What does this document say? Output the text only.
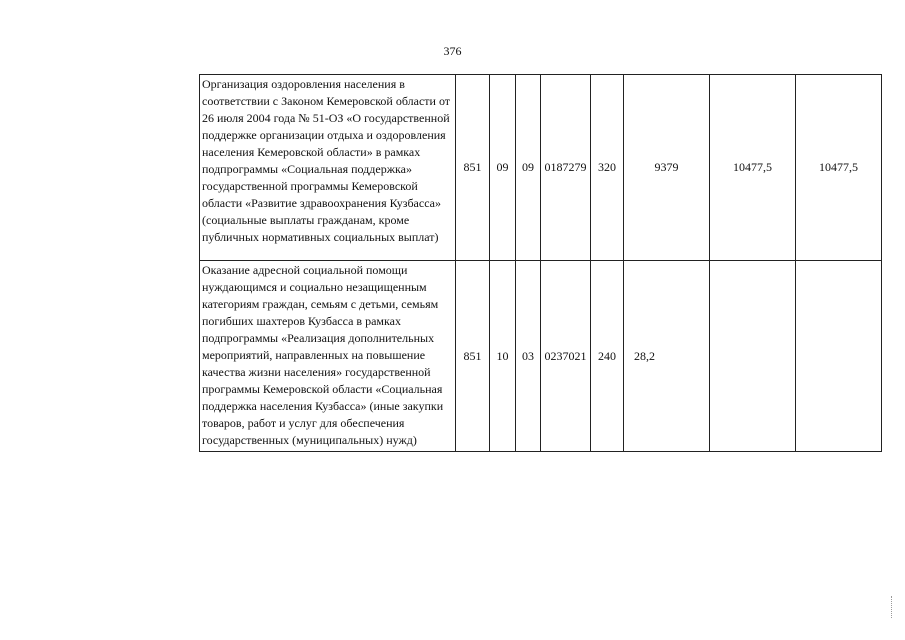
376
Организация оздоровления населения в соответствии с Законом Кемеровской области от 26 июля 2004 года № 51-ОЗ «О государственной поддержке организации отдыха и оздоровления населения Кемеровской области» в рамках подпрограммы «Социальная поддержка» государственной программы Кемеровской области «Развитие здравоохранения Кузбасса» (социальные выплаты гражданам, кроме публичных нормативных социальных выплат)	851	09	09	0187279	320	9379	10477,5	10477,5
Оказание адресной социальной помощи нуждающимся и социально незащищенным категориям граждан, семьям с детьми, семьям погибших шахтеров Кузбасса в рамках подпрограммы «Реализация дополнительных мероприятий, направленных на повышение качества жизни населения» государственной программы Кемеровской области «Социальная поддержка населения Кузбасса» (иные закупки товаров, работ и услуг для обеспечения государственных (муниципальных) нужд)	851	10	03	0237021	240	28,2		
